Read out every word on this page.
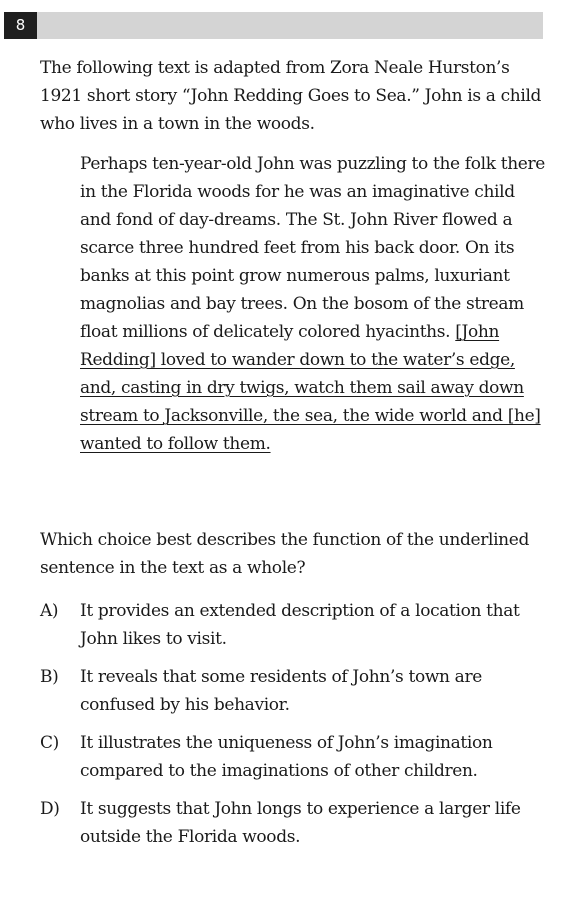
8
The following text is adapted from Zora Neale Hurston’s 1921 short story “John Redding Goes to Sea.” John is a child who lives in a town in the woods.
Perhaps ten-year-old John was puzzling to the folk there in the Florida woods for he was an imaginative child and fond of day-dreams. The St. John River flowed a scarce three hundred feet from his back door. On its banks at this point grow numerous palms, luxuriant magnolias and bay trees. On the bosom of the stream float millions of delicately colored hyacinths. [John Redding] loved to wander down to the water’s edge, and, casting in dry twigs, watch them sail away down stream to Jacksonville, the sea, the wide world and [he] wanted to follow them.
Which choice best describes the function of the underlined sentence in the text as a whole?
A)	It provides an extended description of a location that John likes to visit.
B)	It reveals that some residents of John’s town are confused by his behavior.
C)	It illustrates the uniqueness of John’s imagination compared to the imaginations of other children.
D)	It suggests that John longs to experience a larger life outside the Florida woods.
